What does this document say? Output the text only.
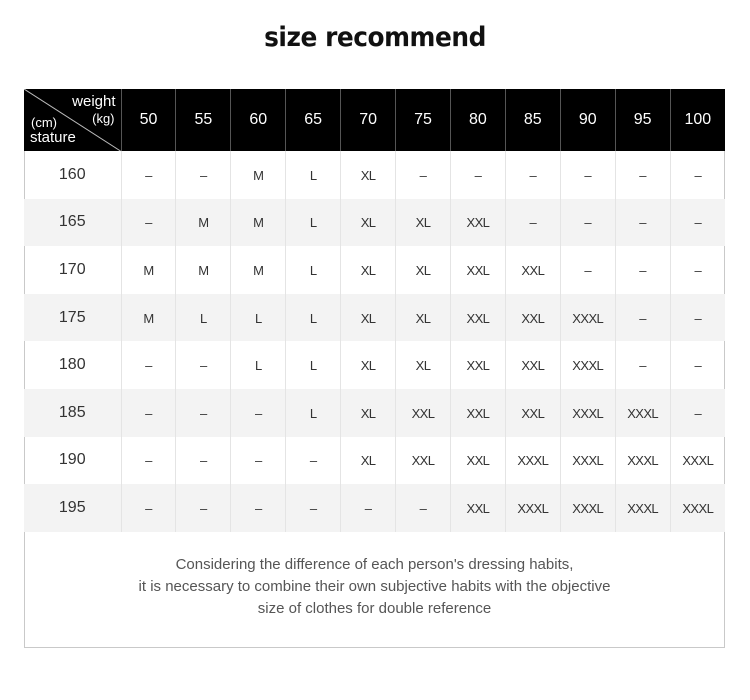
size recommend
weight
(kg)
(cm)
stature	50	55	60	65	70	75	80	85	90	95	100
160	–	–	M	L	XL	–	–	–	–	–	–
165	–	M	M	L	XL	XL	XXL	–	–	–	–
170	M	M	M	L	XL	XL	XXL	XXL	–	–	–
175	M	L	L	L	XL	XL	XXL	XXL	XXXL	–	–
180	–	–	L	L	XL	XL	XXL	XXL	XXXL	–	–
185	–	–	–	L	XL	XXL	XXL	XXL	XXXL	XXXL	–
190	–	–	–	–	XL	XXL	XXL	XXXL	XXXL	XXXL	XXXL
195	–	–	–	–	–	–	XXL	XXXL	XXXL	XXXL	XXXL
Considering the difference of each person's dressing habits,
it is necessary to combine their own subjective habits with the objective
size of clothes for double reference
